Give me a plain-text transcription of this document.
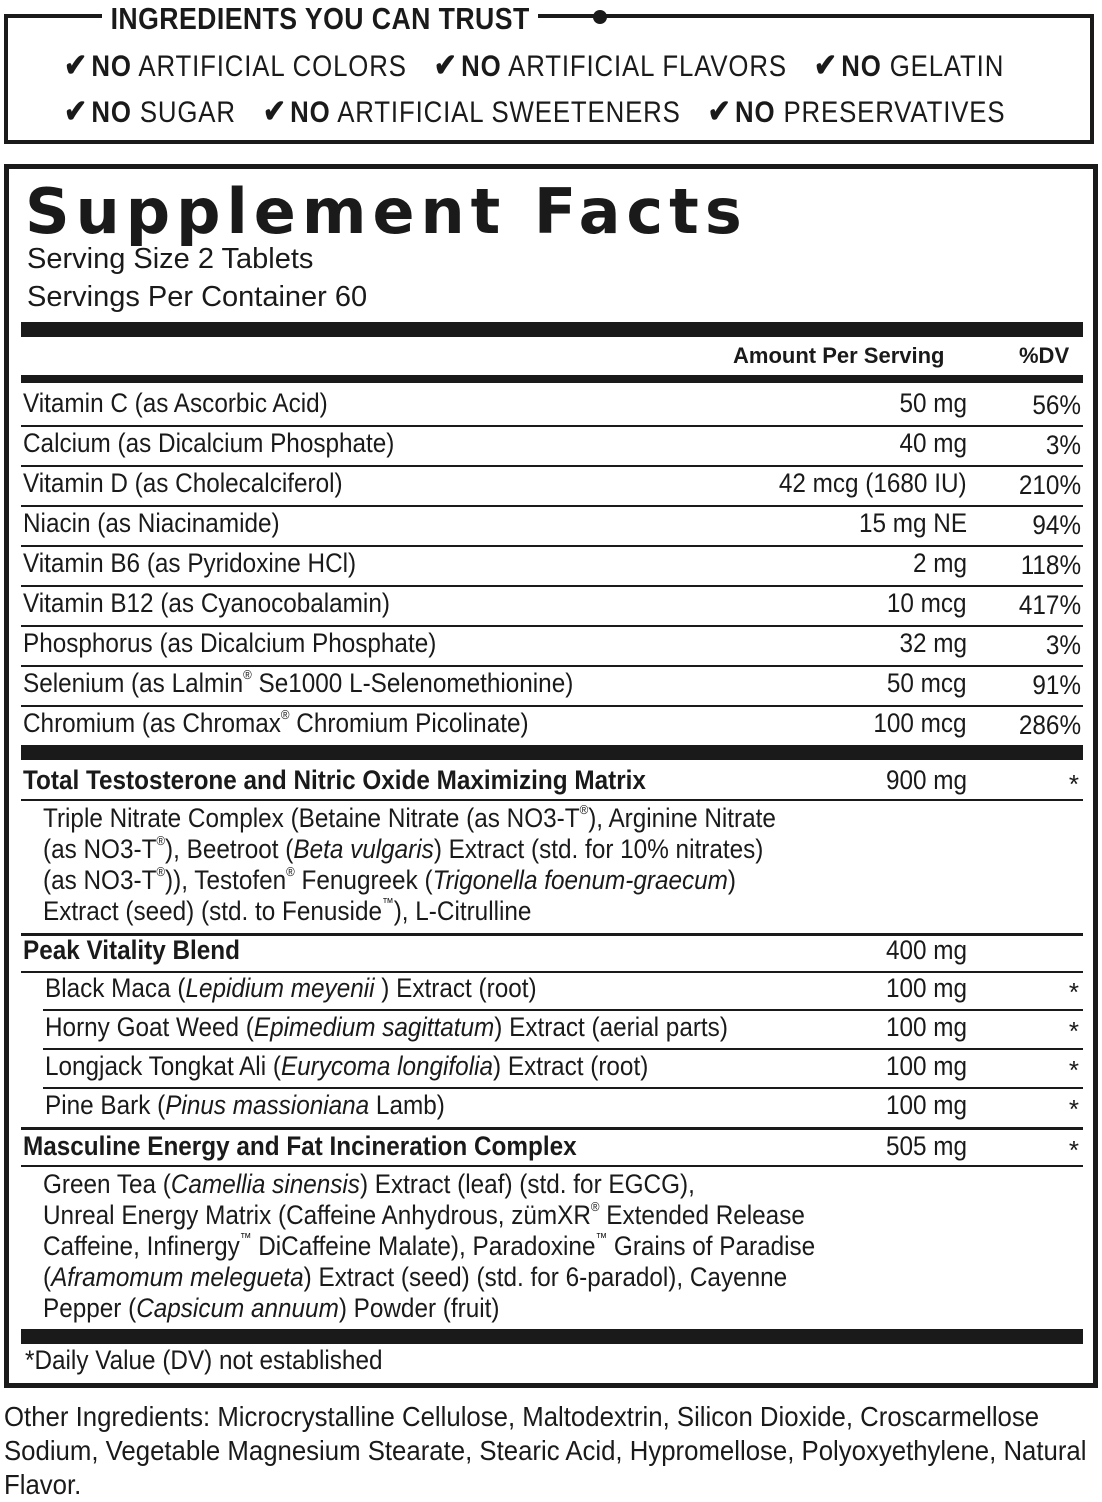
INGREDIENTS YOU CAN TRUST
✔ NO ARTIFICIAL COLORS ✔ NO ARTIFICIAL FLAVORS ✔ NO GELATIN
✔ NO SUGAR ✔ NO ARTIFICIAL SWEETENERS ✔ NO PRESERVATIVES
Supplement Facts
Serving Size 2 Tablets
Servings Per Container 60
Amount Per Serving	%DV
Vitamin C (as Ascorbic Acid)	50 mg 56%
Calcium (as Dicalcium Phosphate)	40 mg	3%
Vitamin D (as Cholecalciferol)	42 mcg (1680 IU) 210%
Niacin (as Niacinamide)	15 mg NE 94%
Vitamin B6 (as Pyridoxine HCl)	2 mg 118%
Vitamin B12 (as Cyanocobalamin)	10 mcg 417%
Phosphorus (as Dicalcium Phosphate)	32 mg	3%
Selenium (as Lalmin® Se1000 L-Selenomethionine)	50 mcg 91%
Chromium (as Chromax® Chromium Picolinate)	100 mcg 286%
Total Testosterone and Nitric Oxide Maximizing Matrix	900 mg	*
Triple Nitrate Complex (Betaine Nitrate (as NO3-T®), Arginine Nitrate
(as NO3-T®), Beetroot (Beta vulgaris) Extract (std. for 10% nitrates)
(as NO3-T®)), Testofen® Fenugreek (Trigonella foenum-graecum)
Extract (seed) (std. to Fenuside™), L-Citrulline
Peak Vitality Blend	400 mg
Black Maca (Lepidium meyenii ) Extract (root)	100 mg	*
Horny Goat Weed (Epimedium sagittatum) Extract (aerial parts)	100 mg	*
Longjack Tongkat Ali (Eurycoma longifolia) Extract (root)	100 mg	*
Pine Bark (Pinus massioniana Lamb)	100 mg	*
Masculine Energy and Fat Incineration Complex	505 mg	*
Green Tea (Camellia sinensis) Extract (leaf) (std. for EGCG),
Unreal Energy Matrix (Caffeine Anhydrous, zümXR® Extended Release
Caffeine, Infinergy™ DiCaffeine Malate), Paradoxine™ Grains of Paradise
(Aframomum melegueta) Extract (seed) (std. for 6-paradol), Cayenne
Pepper (Capsicum annuum) Powder (fruit)
*Daily Value (DV) not established
Other Ingredients: Microcrystalline Cellulose, Maltodextrin, Silicon Dioxide, Croscarmellose Sodium, Vegetable Magnesium Stearate, Stearic Acid, Hypromellose, Polyoxyethylene, Natural Flavor.
